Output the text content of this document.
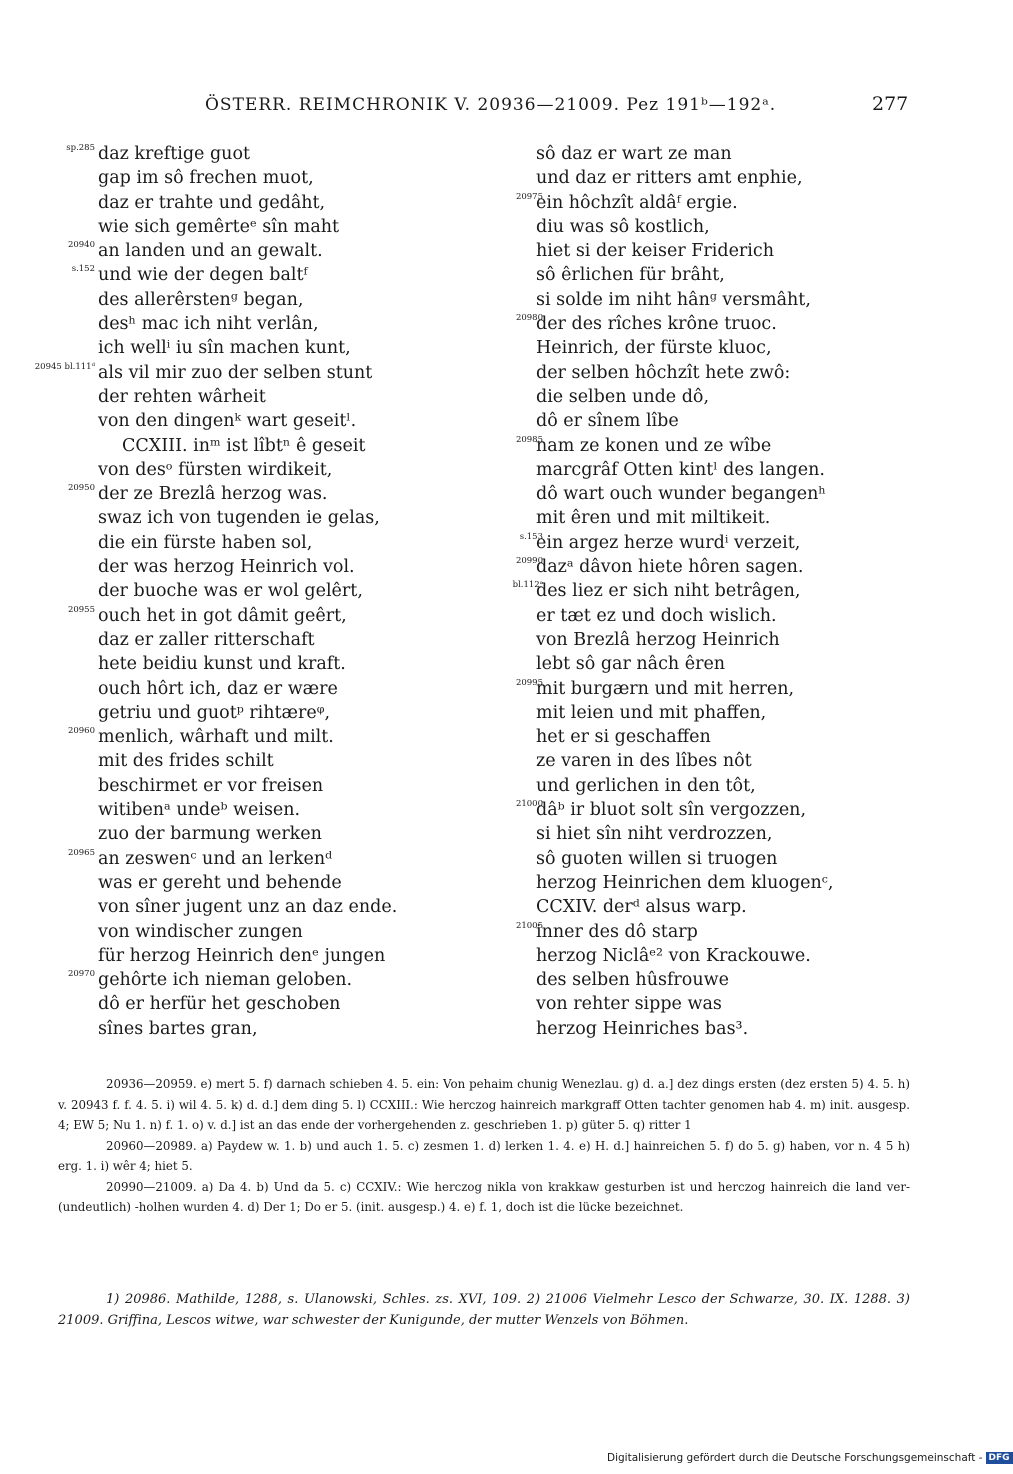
ÖSTERR. REIMCHRONIK V. 20936—21009. Pez 191ᵇ—192ᵃ.	277
sp.285 daz kreftige guot
gap im sô frechen muot,
daz er trahte und gedâht,
wie sich gemêrteᵉ sîn maht
20940 an landen und an gewalt.
s.152 und wie der degen baltᶠ
des allerêrstenᵍ began,
desʰ mac ich niht verlân,
ich wellⁱ iu sîn machen kunt,
20945 bl.111ᵈ als vil mir zuo der selben stunt
der rehten wârheit
von den dingenᵏ wart geseitˡ.
CCXIII. inᵐ ist lîbtⁿ ê geseit
von desᵒ fürsten wirdikeit,
20950 der ze Brezlâ herzog was.
swaz ich von tugenden ie gelas,
die ein fürste haben sol,
der was herzog Heinrich vol.
der buoche was er wol gelêrt,
20955 ouch het in got dâmit geêrt,
daz er zaller ritterschaft
hete beidiu kunst und kraft.
ouch hôrt ich, daz er wære
getriu und guotᵖ rihtæreᵠ,
20960 menlich, wârhaft und milt.
mit des frides schilt
beschirmet er vor freisen
witibenᵃ undeᵇ weisen.
zuo der barmung werken
20965 an zeswenᶜ und an lerkenᵈ
was er gereht und behende
von sîner jugent unz an daz ende.
von windischer zungen
für herzog Heinrich denᵉ jungen
20970 gehôrte ich nieman geloben.
dô er herfür het geschoben
sînes bartes gran,
sô daz er wart ze man
und daz er ritters amt enphie,
20975
ein hôchzît aldâᶠ ergie.
diu was sô kostlich,
hiet si der keiser Friderich
sô êrlichen für brâht,
si solde im niht hânᵍ versmâht,
20980
der des rîches krône truoc.
Heinrich, der fürste kluoc,
der selben hôchzît hete zwô:
die selben unde dô,
dô er sînem lîbe
20985
nam ze konen und ze wîbe
marcgrâf Otten kintˡ des langen.
dô wart ouch wunder begangenʰ
mit êren und mit miltikeit.
s.153
ein argez herze wurdⁱ verzeit,
20990
dazᵃ dâvon hiete hôren sagen.
bl.112ᵃ
des liez er sich niht betrâgen,
er tæt ez und doch wislich.
von Brezlâ herzog Heinrich
lebt sô gar nâch êren
20995
mit burgærn und mit herren,
mit leien und mit phaffen,
het er si geschaffen
ze varen in des lîbes nôt
und gerlichen in den tôt,
21000
dâᵇ ir bluot solt sîn vergozzen,
si hiet sîn niht verdrozzen,
sô guoten willen si truogen
herzog Heinrichen dem kluogenᶜ,
CCXIV. derᵈ alsus warp.
21005
inner des dô starp
herzog Niclâᵉ² von Krackouwe.
des selben hûsfrouwe
von rehter sippe was
herzog Heinriches bas³.

20936—20959. e) mert 5. f) darnach schieben 4. 5. ein: Von pehaim chunig Wenezlau. g) d. a.] dez dings ersten (dez ersten 5) 4. 5. h) v. 20943 f. f. 4. 5. i) wil 4. 5. k) d. d.] dem ding 5. l) CCXIII.: Wie herczog hainreich markgraff Otten tachter genomen hab 4. m) init. ausgesp. 4; EW 5; Nu 1. n) f. 1. o) v. d.] ist an das ende der vorhergehenden z. geschrieben 1. p) güter 5. q) ritter 1

20960—20989. a) Paydew w. 1. b) und auch 1. 5. c) zesmen 1. d) lerken 1. 4. e) H. d.] hainreichen 5. f) do 5. g) haben, vor n. 4 5 h) erg. 1. i) wêr 4; hiet 5.

20990—21009. a) Da 4. b) Und da 5. c) CCXIV.: Wie herczog nikla von krakkaw gesturben ist und herczog hainreich die land ver- (undeutlich) -holhen wurden 4. d) Der 1; Do er 5. (init. ausgesp.) 4. e) f. 1, doch ist die lücke bezeichnet.

1) 20986. Mathilde, 1288, s. Ulanowski, Schles. zs. XVI, 109. 2) 21006 Vielmehr Lesco der Schwarze, 30. IX. 1288. 3) 21009. Griffina, Lescos witwe, war schwester der Kunigunde, der mutter Wenzels von Böhmen.

Digitalisierung gefördert durch die Deutsche Forschungsgemeinschaft - DFG
